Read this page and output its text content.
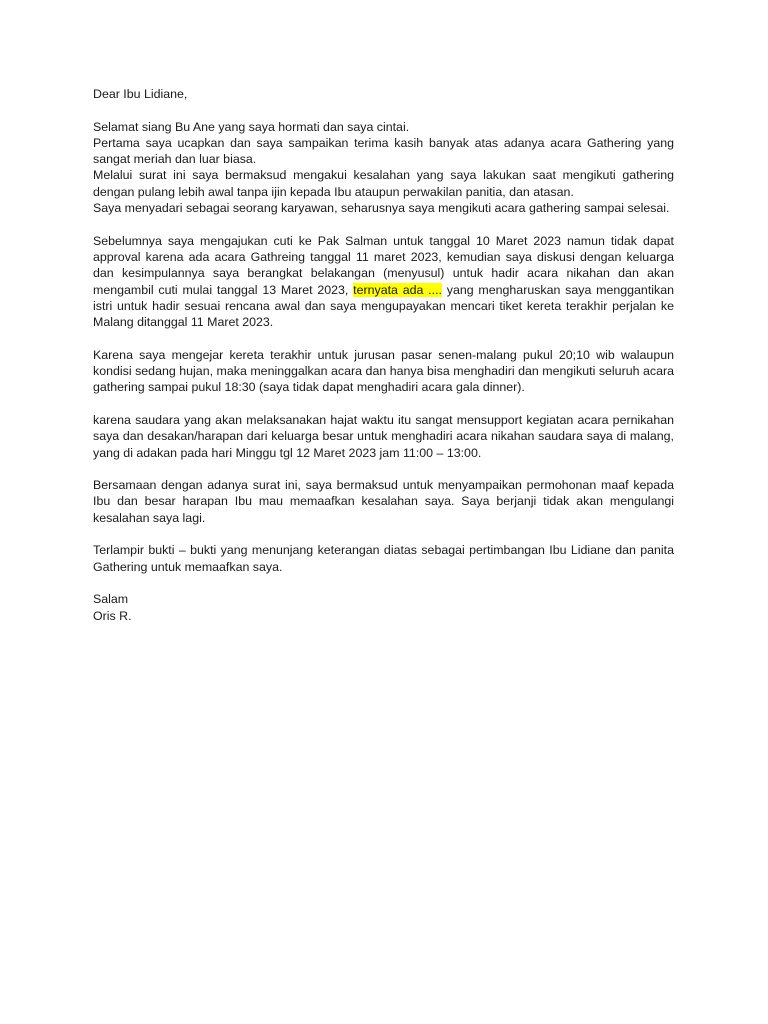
Dear Ibu Lidiane,

Selamat siang Bu Ane yang saya hormati dan saya cintai.
Pertama saya ucapkan dan saya sampaikan terima kasih banyak atas adanya acara Gathering yang sangat meriah dan luar biasa.
Melalui surat ini saya bermaksud mengakui kesalahan yang saya lakukan saat mengikuti gathering dengan pulang lebih awal tanpa ijin kepada Ibu ataupun perwakilan panitia, dan atasan.
Saya menyadari sebagai seorang karyawan, seharusnya saya mengikuti acara gathering sampai selesai.

Sebelumnya saya mengajukan cuti ke Pak Salman untuk tanggal 10 Maret 2023 namun tidak dapat approval karena ada acara Gathreing tanggal 11 maret 2023, kemudian saya diskusi dengan keluarga dan kesimpulannya saya berangkat belakangan (menyusul) untuk hadir acara nikahan dan akan mengambil cuti mulai tanggal 13 Maret 2023, ternyata ada .... yang mengharuskan saya menggantikan istri untuk hadir sesuai rencana awal dan saya mengupayakan mencari tiket kereta terakhir perjalan ke Malang ditanggal 11 Maret 2023.

Karena saya mengejar kereta terakhir untuk jurusan pasar senen-malang pukul 20;10 wib walaupun kondisi sedang hujan, maka meninggalkan acara dan hanya bisa menghadiri dan mengikuti seluruh acara gathering sampai pukul 18:30 (saya tidak dapat menghadiri acara gala dinner).

karena saudara yang akan melaksanakan hajat waktu itu sangat mensupport kegiatan acara pernikahan saya dan desakan/harapan dari keluarga besar untuk menghadiri acara nikahan saudara saya di malang, yang di adakan pada hari Minggu tgl 12 Maret 2023 jam 11:00 – 13:00.

Bersamaan dengan adanya surat ini, saya bermaksud untuk menyampaikan permohonan maaf kepada Ibu dan besar harapan Ibu mau memaafkan kesalahan saya. Saya berjanji tidak akan mengulangi kesalahan saya lagi.

Terlampir bukti – bukti yang menunjang keterangan diatas sebagai pertimbangan Ibu Lidiane dan panita Gathering untuk memaafkan saya.

Salam

Oris R.
